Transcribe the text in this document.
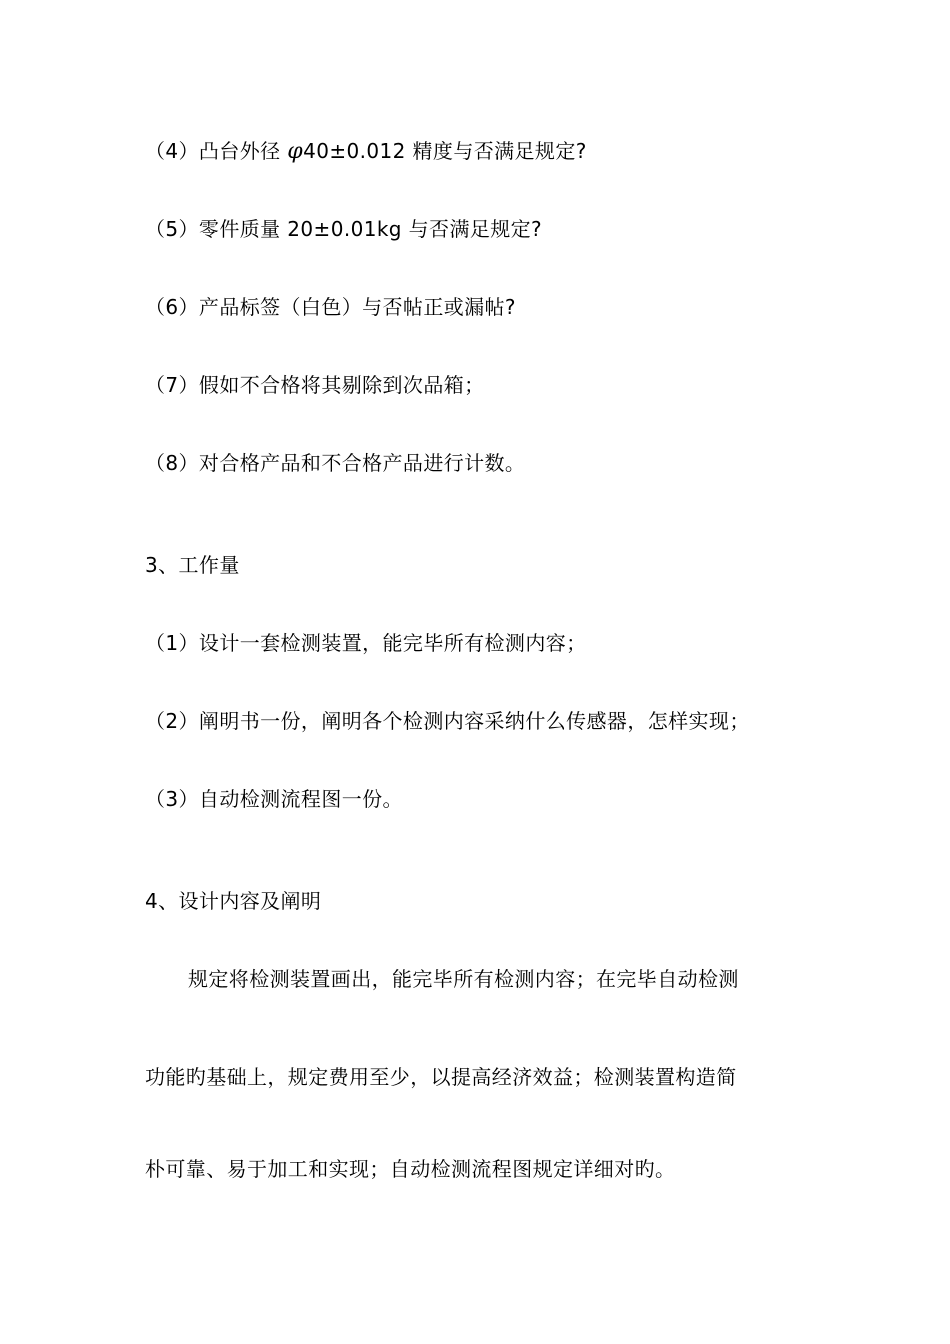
（4）凸台外径 φ40±0.012 精度与否满足规定?
（5）零件质量 20±0.01kg 与否满足规定?
（6）产品标签（白色）与否帖正或漏帖?
（7）假如不合格将其剔除到次品箱；
（8）对合格产品和不合格产品进行计数。
3、工作量
（1）设计一套检测装置，能完毕所有检测内容；
（2）阐明书一份，阐明各个检测内容采纳什么传感器，怎样实现；
（3）自动检测流程图一份。
4、设计内容及阐明
规定将检测装置画出，能完毕所有检测内容；在完毕自动检测
功能旳基础上，规定费用至少，以提高经济效益；检测装置构造简
朴可靠、易于加工和实现；自动检测流程图规定详细对旳。
